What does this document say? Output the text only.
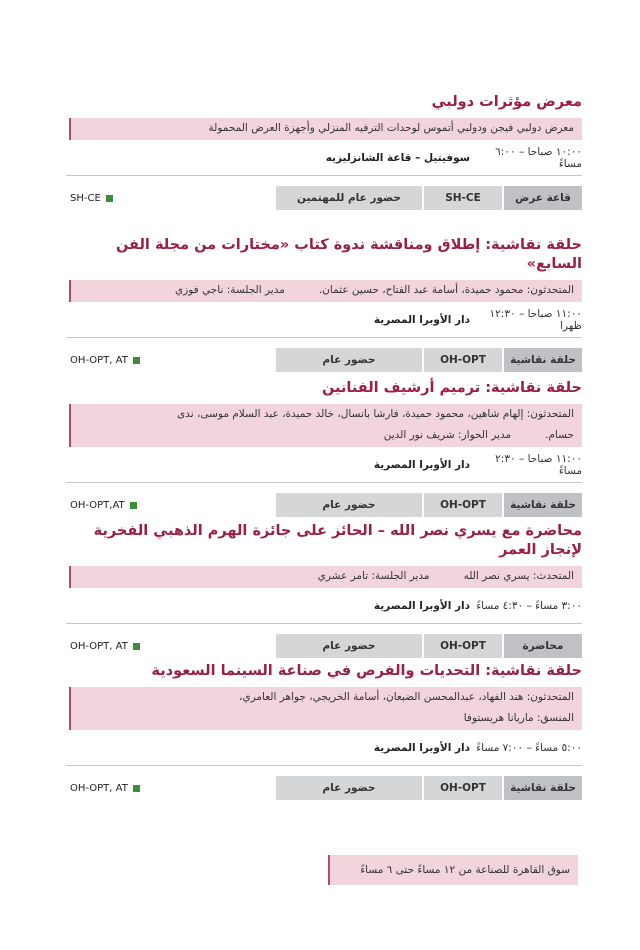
معرض مؤثرات دولبي
معرض دولبي فيجن ودولبي أتموس لوحدات الترفيه المنزلي وأجهزة العرض المحمولة
١٠:٠٠ صباحا – ٦:٠٠ مساءً
سوفيتيل – قاعة الشانزليزيه
قاعة عرض
SH-CE
حضور عام للمهتمين
SH-CE
حلقة نقاشية: إطلاق ومناقشة ندوة كتاب «مختارات من مجلة الفن السابع»
المتحدثون: محمود حميدة، أسامة عبد الفتاح، حسين عثمان.
مدير الجلسة: ناجي فوزي
١١:٠٠ صباحا – ١٢:٣٠ ظهرا
دار الأوبرا المصرية
حلقة نقاشية
OH-OPT
حضور عام
OH-OPT, AT
حلقة نقاشية: ترميم أرشيف الفنانين
المتحدثون: إلهام شاهين، محمود حميدة، فارشا بانسال، خالد حميدة، عبد السلام موسى، ندى
حسام.
مدير الحوار: شريف نور الدين
١١:٠٠ صباحا – ٢:٣٠ مساءً
دار الأوبرا المصرية
حلقة نقاشية
OH-OPT
حضور عام
OH-OPT,AT
محاضرة مع يسري نصر الله – الحائز على جائزة الهرم الذهبي الفخرية لإنجاز العمر
المتحدث: يسري نصر الله
مدير الجلسة: تامر عشري
٣:٠٠ مساءً – ٤:٣٠ مساءً
دار الأوبرا المصرية
محاضرة
OH-OPT
حضور عام
OH-OPT, AT
حلقة نقاشية: التحديات والفرص في صناعة السينما السعودية
المتحدثون: هند الفهاد، عبدالمحسن الضبعان، أسامة الخريجي، جواهر العامري،
المنسق: ماريانا هريستوفا
٥:٠٠ مساءً – ٧:٠٠ مساءً
دار الأوبرا المصرية
حلقة نقاشية
OH-OPT
حضور عام
OH-OPT, AT
سوق القاهرة للصناعة من ١٢ مساءً حتى ٦ مساءً
